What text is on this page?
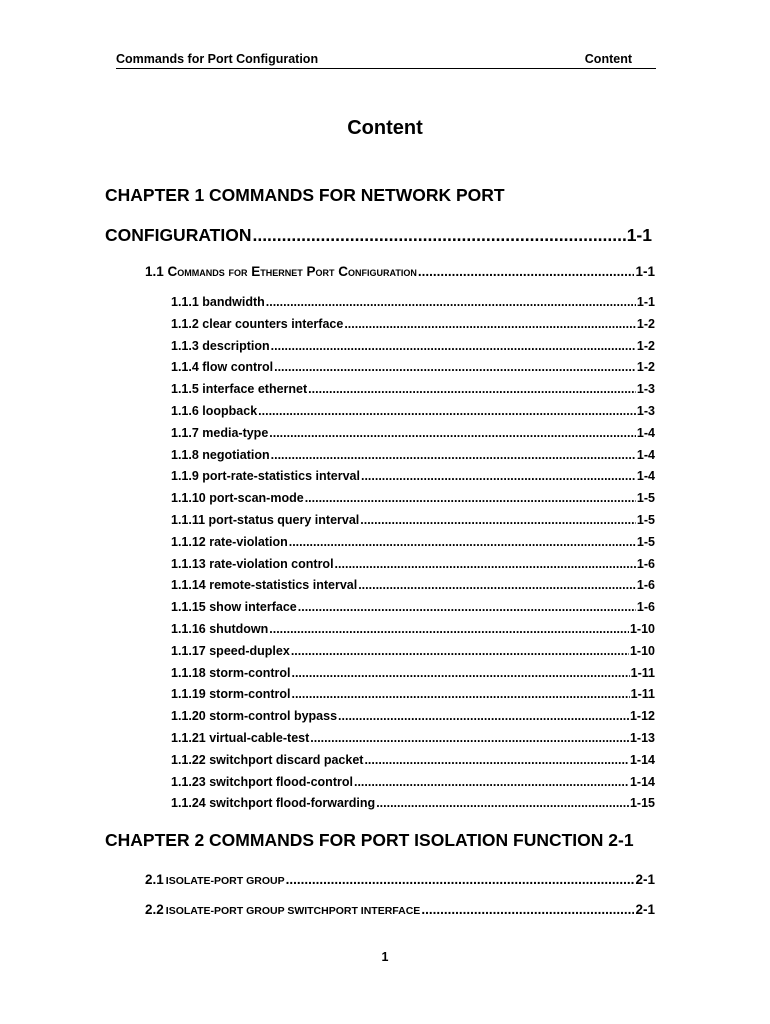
Commands for Port Configuration	Content
Content
CHAPTER 1 COMMANDS FOR NETWORK PORT
CONFIGURATION .....	1-1
1.1 Commands for Ethernet Port Configuration .....	1-1
1.1.1 bandwidth .....	1-1
1.1.2 clear counters interface .....	1-2
1.1.3 description .....	1-2
1.1.4 flow control .....	1-2
1.1.5 interface ethernet .....	1-3
1.1.6 loopback .....	1-3
1.1.7 media-type .....	1-4
1.1.8 negotiation .....	1-4
1.1.9 port-rate-statistics interval .....	1-4
1.1.10 port-scan-mode .....	1-5
1.1.11 port-status query interval .....	1-5
1.1.12 rate-violation .....	1-5
1.1.13 rate-violation control .....	1-6
1.1.14 remote-statistics interval .....	1-6
1.1.15 show interface .....	1-6
1.1.16 shutdown .....	1-10
1.1.17 speed-duplex .....	1-10
1.1.18 storm-control .....	1-11
1.1.19 storm-control .....	1-11
1.1.20 storm-control bypass .....	1-12
1.1.21 virtual-cable-test .....	1-13
1.1.22 switchport discard packet .....	1-14
1.1.23 switchport flood-control .....	1-14
1.1.24 switchport flood-forwarding .....	1-15
CHAPTER 2 COMMANDS FOR PORT ISOLATION FUNCTION 2-1
2.1 ISOLATE-PORT GROUP .....	2-1
2.2 ISOLATE-PORT GROUP SWITCHPORT INTERFACE .....	2-1
1
